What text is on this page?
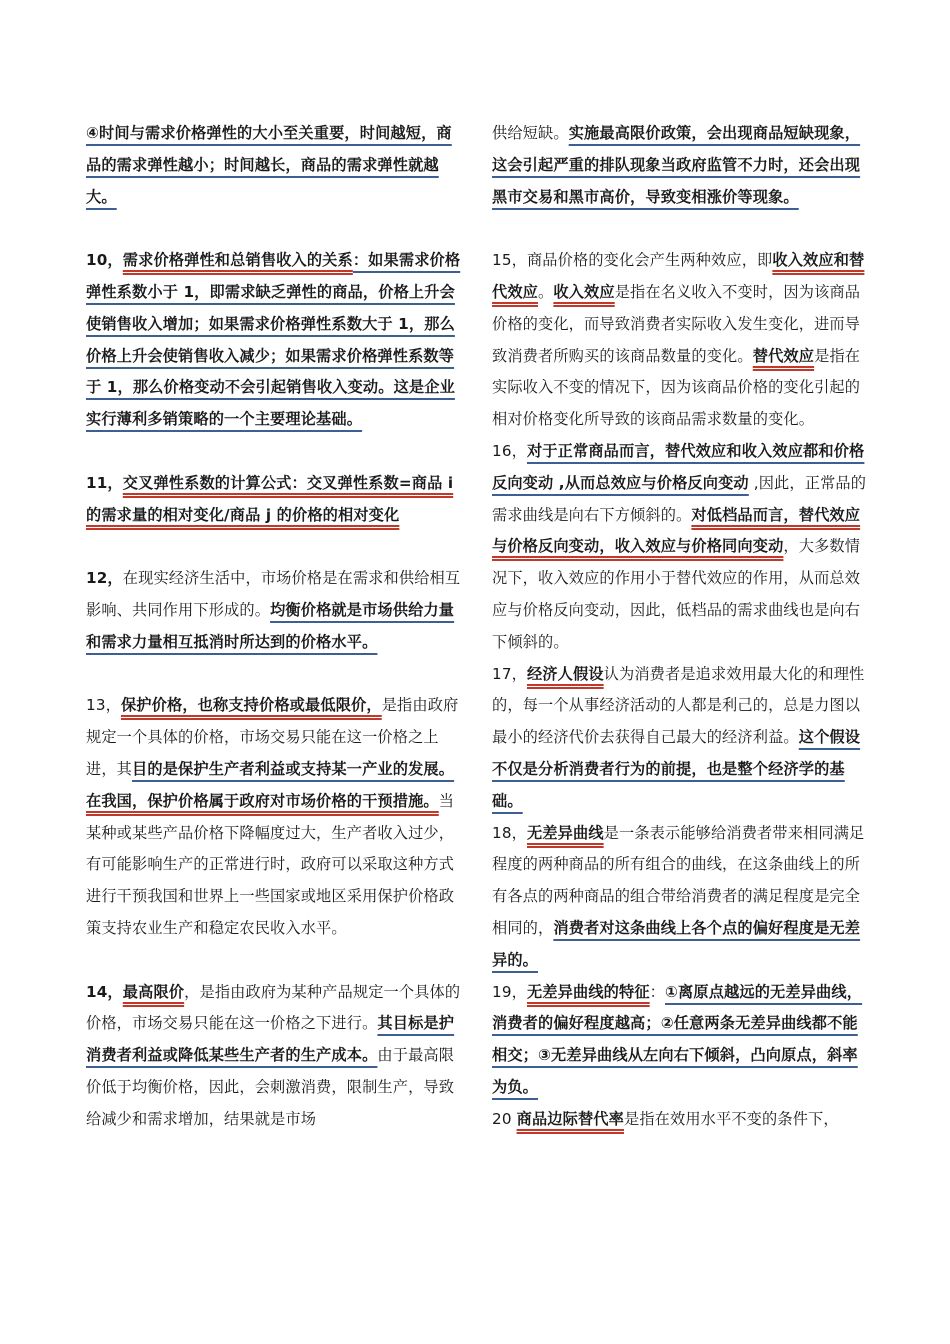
④时间与需求价格弹性的大小至关重要，时间越短，商品的需求弹性越小；时间越长，商品的需求弹性就越大。

10，需求价格弹性和总销售收入的关系：如果需求价格弹性系数小于 1，即需求缺乏弹性的商品，价格上升会使销售收入增加；如果需求价格弹性系数大于 1，那么价格上升会使销售收入减少；如果需求价格弹性系数等于 1，那么价格变动不会引起销售收入变动。这是企业实行薄利多销策略的一个主要理论基础。

11，交叉弹性系数的计算公式：交叉弹性系数=商品 i 的需求量的相对变化/商品 j 的价格的相对变化

12，在现实经济生活中，市场价格是在需求和供给相互影响、共同作用下形成的。均衡价格就是市场供给力量和需求力量相互抵消时所达到的价格水平。

13，保护价格，也称支持价格或最低限价，是指由政府规定一个具体的价格，市场交易只能在这一价格之上进，其目的是保护生产者利益或支持某一产业的发展。在我国，保护价格属于政府对市场价格的干预措施。当某种或某些产品价格下降幅度过大，生产者收入过少，有可能影响生产的正常进行时，政府可以采取这种方式进行干预我国和世界上一些国家或地区采用保护价格政策支持农业生产和稳定农民收入水平。

14，最高限价，是指由政府为某种产品规定一个具体的价格，市场交易只能在这一价格之下进行。其目标是护消费者利益或降低某些生产者的生产成本。由于最高限价低于均衡价格，因此，会刺激消费，限制生产，导致给减少和需求增加，结果就是市场

供给短缺。实施最高限价政策，会出现商品短缺现象，这会引起严重的排队现象当政府监管不力时，还会出现黑市交易和黑市高价，导致变相涨价等现象。

15，商品价格的变化会产生两种效应，即收入效应和替代效应。收入效应是指在名义收入不变时，因为该商品价格的变化，而导致消费者实际收入发生变化，进而导致消费者所购买的该商品数量的变化。替代效应是指在实际收入不变的情况下，因为该商品价格的变化引起的相对价格变化所导致的该商品需求数量的变化。

16，对于正常商品而言，替代效应和收入效应都和价格反向变动 ,从而总效应与价格反向变动 ,因此，正常品的需求曲线是向右下方倾斜的。对低档品而言，替代效应与价格反向变动，收入效应与价格同向变动，大多数情况下，收入效应的作用小于替代效应的作用，从而总效应与价格反向变动，因此，低档品的需求曲线也是向右下倾斜的。

17，经济人假设认为消费者是追求效用最大化的和理性的，每一个从事经济活动的人都是利己的，总是力图以最小的经济代价去获得自己最大的经济利益。这个假设不仅是分析消费者行为的前提，也是整个经济学的基础。

18，无差异曲线是一条表示能够给消费者带来相同满足程度的两种商品的所有组合的曲线，在这条曲线上的所有各点的两种商品的组合带给消费者的满足程度是完全相同的，消费者对这条曲线上各个点的偏好程度是无差异的。

19，无差异曲线的特征：①离原点越远的无差异曲线，消费者的偏好程度越高；②任意两条无差异曲线都不能相交；③无差异曲线从左向右下倾斜，凸向原点，斜率为负。

20 商品边际替代率是指在效用水平不变的条件下，
